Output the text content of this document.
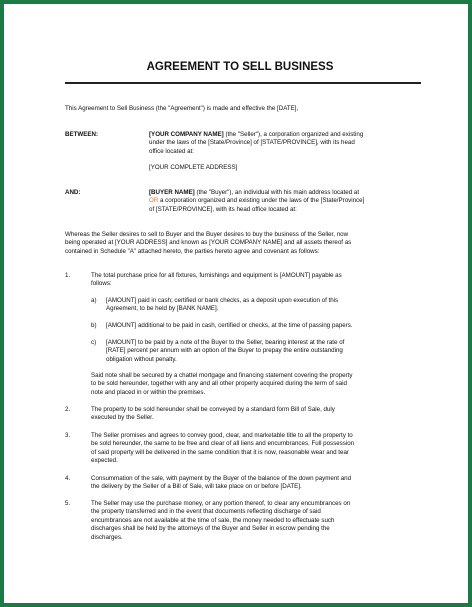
AGREEMENT TO SELL BUSINESS

This Agreement to Sell Business (the "Agreement") is made and effective the [DATE],

BETWEEN:	[YOUR COMPANY NAME] (the "Seller"), a corporation organized and existing

under the laws of the [State/Province] of [STATE/PROVINCE], with its head

office located at:

[YOUR COMPLETE ADDRESS]

AND:	[BUYER NAME] (the "Buyer"), an individual with his main address located at

OR a corporation organized and existing under the laws of the [State/Province]

of [STATE/PROVINCE], with its head office located at:

Whereas the Seller desires to sell to Buyer and the Buyer desires to buy the business of the Seller, now

being operated at [YOUR ADDRESS] and known as [YOUR COMPANY NAME] and all assets thereof as

contained in Schedule "A" attached hereto, the parties hereto agree and covenant as follows:

1.	The total purchase price for all fixtures, furnishings and equipment is [AMOUNT] payable as

follows:

a)	[AMOUNT] paid in cash; certified or bank checks, as a deposit upon execution of this

Agreement, to be held by [BANK NAME].

b)	[AMOUNT] additional to be paid in cash, certified or checks, at the time of passing papers.

c)	[AMOUNT] to be paid by a note of the Buyer to the Seller, bearing interest at the rate of

[RATE] percent per annum with an option of the Buyer to prepay the entire outstanding

obligation without penalty.

Said note shall be secured by a chattel mortgage and financing statement covering the property

to be sold hereunder, together with any and all other property acquired during the term of said

note and placed in or within the premises.

2.	The property to be sold hereunder shall be conveyed by a standard form Bill of Sale, duly

executed by the Seller.

3.	The Seller promises and agrees to convey good, clear, and marketable title to all the property to

be sold hereunder, the same to be free and clear of all liens and encumbrances. Full possession

of said property will be delivered in the same condition that it is now, reasonable wear and tear

expected.

4.	Consummation of the sale, with payment by the Buyer of the balance of the down payment and

the delivery by the Seller of a Bill of Sale, will take place on or before [DATE].

5.	The Seller may use the purchase money, or any portion thereof, to clear any encumbrances on

the property transferred and in the event that documents reflecting discharge of said

encumbrances are not available at the time of sale, the money needed to effectuate such

discharges shall be held by the attorneys of the Buyer and Seller in escrow pending the

discharges.
